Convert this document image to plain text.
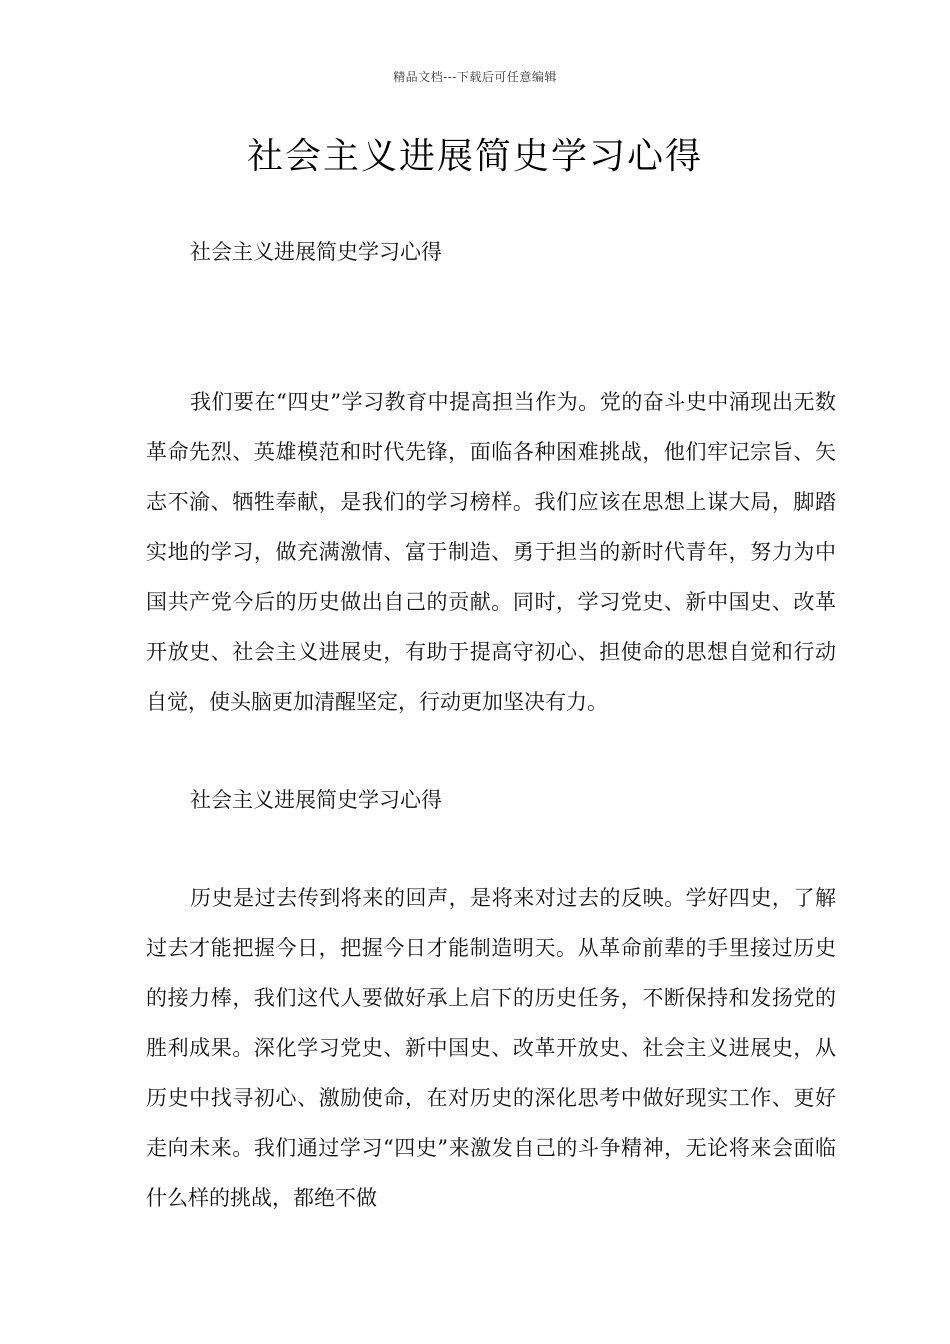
精品文档---下载后可任意编辑
社会主义进展简史学习心得

社会主义进展简史学习心得

我们要在“四史”学习教育中提高担当作为。党的奋斗史中涌现出无数革命先烈、英雄模范和时代先锋，面临各种困难挑战，他们牢记宗旨、矢志不渝、牺牲奉献，是我们的学习榜样。我们应该在思想上谋大局，脚踏实地的学习，做充满激情、富于制造、勇于担当的新时代青年，努力为中国共产党今后的历史做出自己的贡献。同时，学习党史、新中国史、改革开放史、社会主义进展史，有助于提高守初心、担使命的思想自觉和行动自觉，使头脑更加清醒坚定，行动更加坚决有力。

社会主义进展简史学习心得

历史是过去传到将来的回声，是将来对过去的反映。学好四史，了解过去才能把握今日，把握今日才能制造明天。从革命前辈的手里接过历史的接力棒，我们这代人要做好承上启下的历史任务，不断保持和发扬党的胜利成果。深化学习党史、新中国史、改革开放史、社会主义进展史，从历史中找寻初心、激励使命，在对历史的深化思考中做好现实工作、更好走向未来。我们通过学习“四史”来激发自己的斗争精神，无论将来会面临什么样的挑战，都绝不做
